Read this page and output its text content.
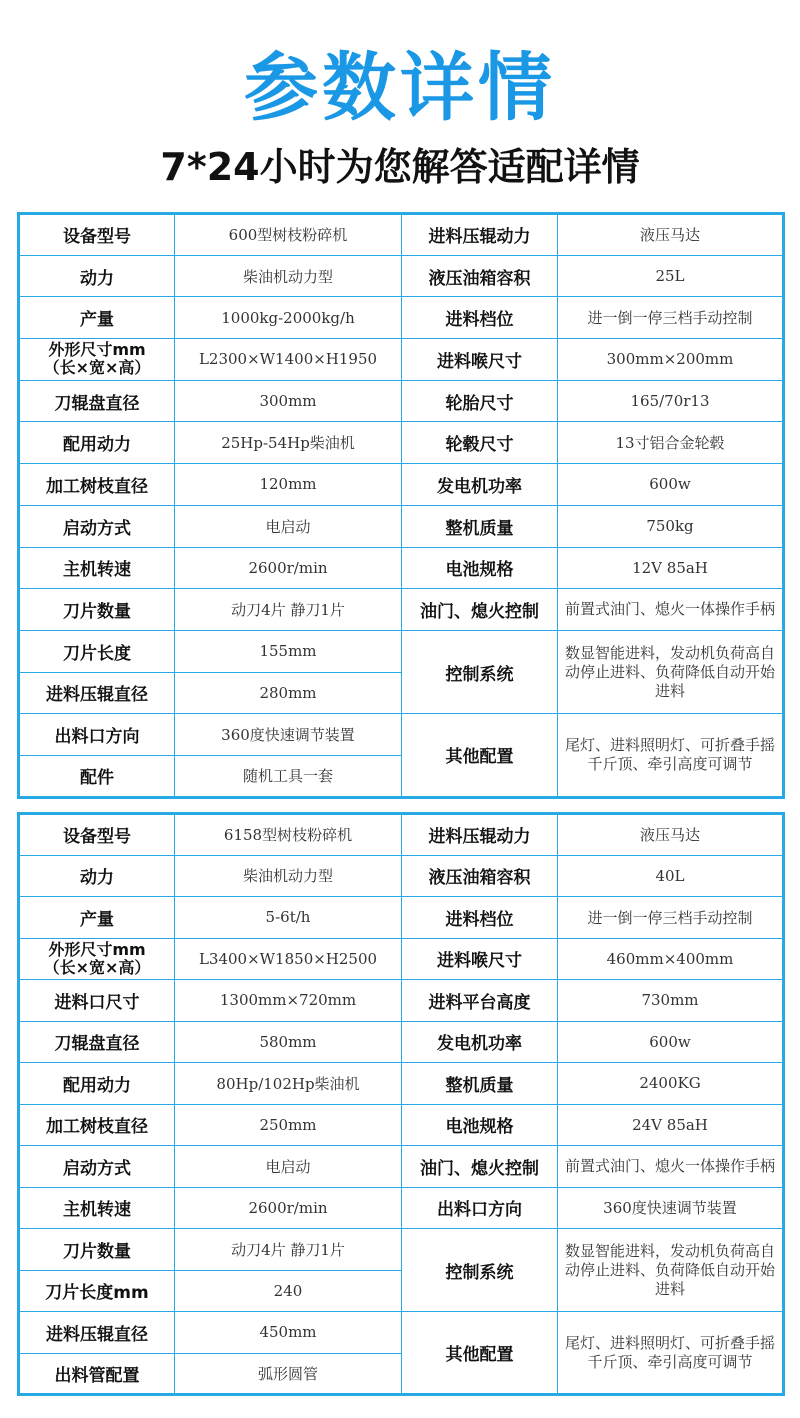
参数详情
7*24小时为您解答适配详情
设备型号	600型树枝粉碎机	进料压辊动力	液压马达
动力	柴油机动力型	液压油箱容积	25L
产量	1000kg-2000kg/h	进料档位	进一倒一停三档手动控制
外形尺寸mm
（长×宽×高）	L2300×W1400×H1950	进料喉尺寸	300mm×200mm
刀辊盘直径	300mm	轮胎尺寸	165/70r13
配用动力	25Hp-54Hp柴油机	轮毂尺寸	13寸铝合金轮毂
加工树枝直径	120mm	发电机功率	600w
启动方式	电启动	整机质量	750kg
主机转速	2600r/min	电池规格	12V 85aH
刀片数量	动刀4片 静刀1片	油门、熄火控制	前置式油门、熄火一体操作手柄
刀片长度	155mm	控制系统	数显智能进料，发动机负荷高自动停止进料、负荷降低自动开始进料
进料压辊直径	280mm		
出料口方向	360度快速调节装置	其他配置	尾灯、进料照明灯、可折叠手摇千斤顶、牵引高度可调节
配件	随机工具一套		
设备型号	6158型树枝粉碎机	进料压辊动力	液压马达
动力	柴油机动力型	液压油箱容积	40L
产量	5-6t/h	进料档位	进一倒一停三档手动控制
外形尺寸mm
（长×宽×高）	L3400×W1850×H2500	进料喉尺寸	460mm×400mm
进料口尺寸	1300mm×720mm	进料平台高度	730mm
刀辊盘直径	580mm	发电机功率	600w
配用动力	80Hp/102Hp柴油机	整机质量	2400KG
加工树枝直径	250mm	电池规格	24V 85aH
启动方式	电启动	油门、熄火控制	前置式油门、熄火一体操作手柄
主机转速	2600r/min	出料口方向	360度快速调节装置
刀片数量	动刀4片 静刀1片	控制系统	数显智能进料，发动机负荷高自动停止进料、负荷降低自动开始进料
刀片长度mm	240		
进料压辊直径	450mm	其他配置	尾灯、进料照明灯、可折叠手摇千斤顶、牵引高度可调节
出料管配置	弧形圆管		
